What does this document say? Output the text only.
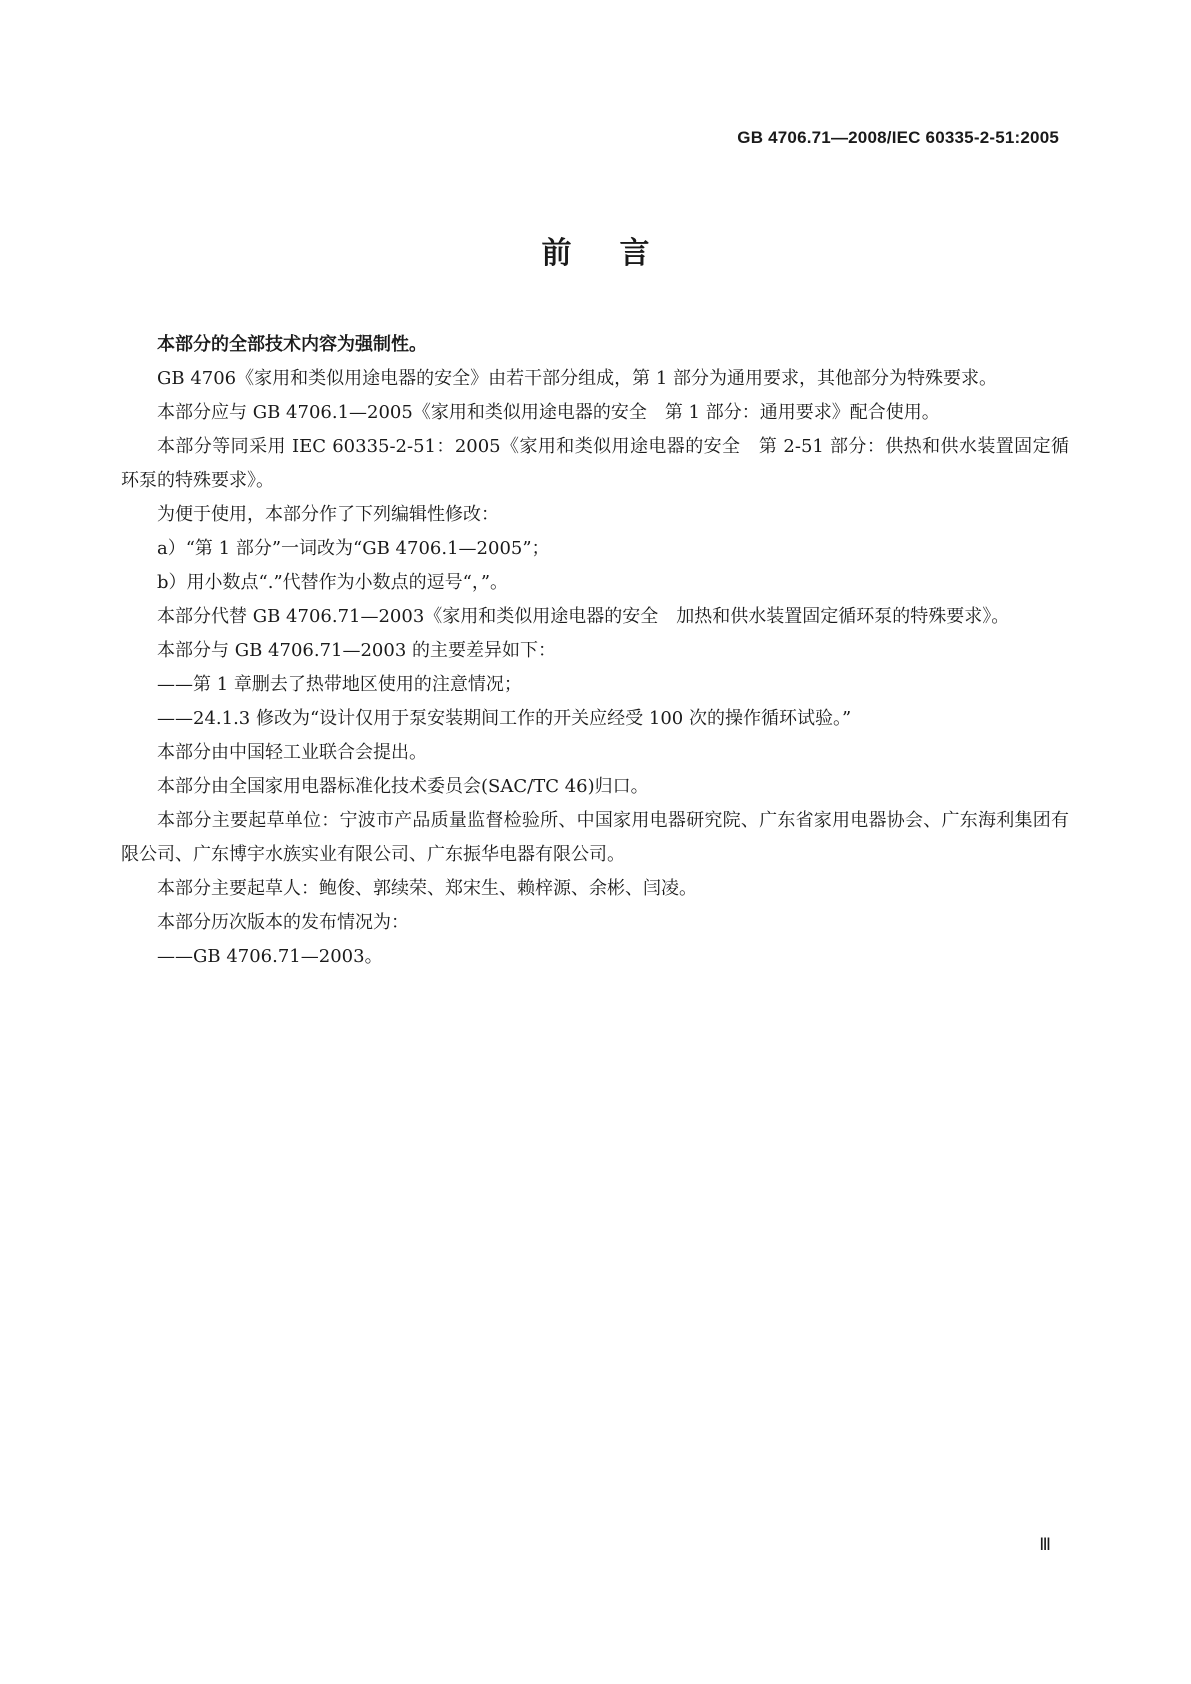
GB 4706.71—2008/IEC 60335-2-51:2005
前言

本部分的全部技术内容为强制性。

GB 4706《家用和类似用途电器的安全》由若干部分组成，第 1 部分为通用要求，其他部分为特殊要求。

本部分应与 GB 4706.1—2005《家用和类似用途电器的安全　第 1 部分：通用要求》配合使用。

本部分等同采用 IEC 60335-2-51：2005《家用和类似用途电器的安全　第 2-51 部分：供热和供水装置固定循环泵的特殊要求》。

为便于使用，本部分作了下列编辑性修改：

a）“第 1 部分”一词改为“GB 4706.1—2005”；

b）用小数点“.”代替作为小数点的逗号“，”。

本部分代替 GB 4706.71—2003《家用和类似用途电器的安全　加热和供水装置固定循环泵的特殊要求》。

本部分与 GB 4706.71—2003 的主要差异如下：

——第 1 章删去了热带地区使用的注意情况；

——24.1.3 修改为“设计仅用于泵安装期间工作的开关应经受 100 次的操作循环试验。”

本部分由中国轻工业联合会提出。

本部分由全国家用电器标准化技术委员会(SAC/TC 46)归口。

本部分主要起草单位：宁波市产品质量监督检验所、中国家用电器研究院、广东省家用电器协会、广东海利集团有限公司、广东博宇水族实业有限公司、广东振华电器有限公司。

本部分主要起草人：鲍俊、郭续荣、郑宋生、赖梓源、余彬、闫凌。

本部分历次版本的发布情况为：

——GB 4706.71—2003。

Ⅲ
